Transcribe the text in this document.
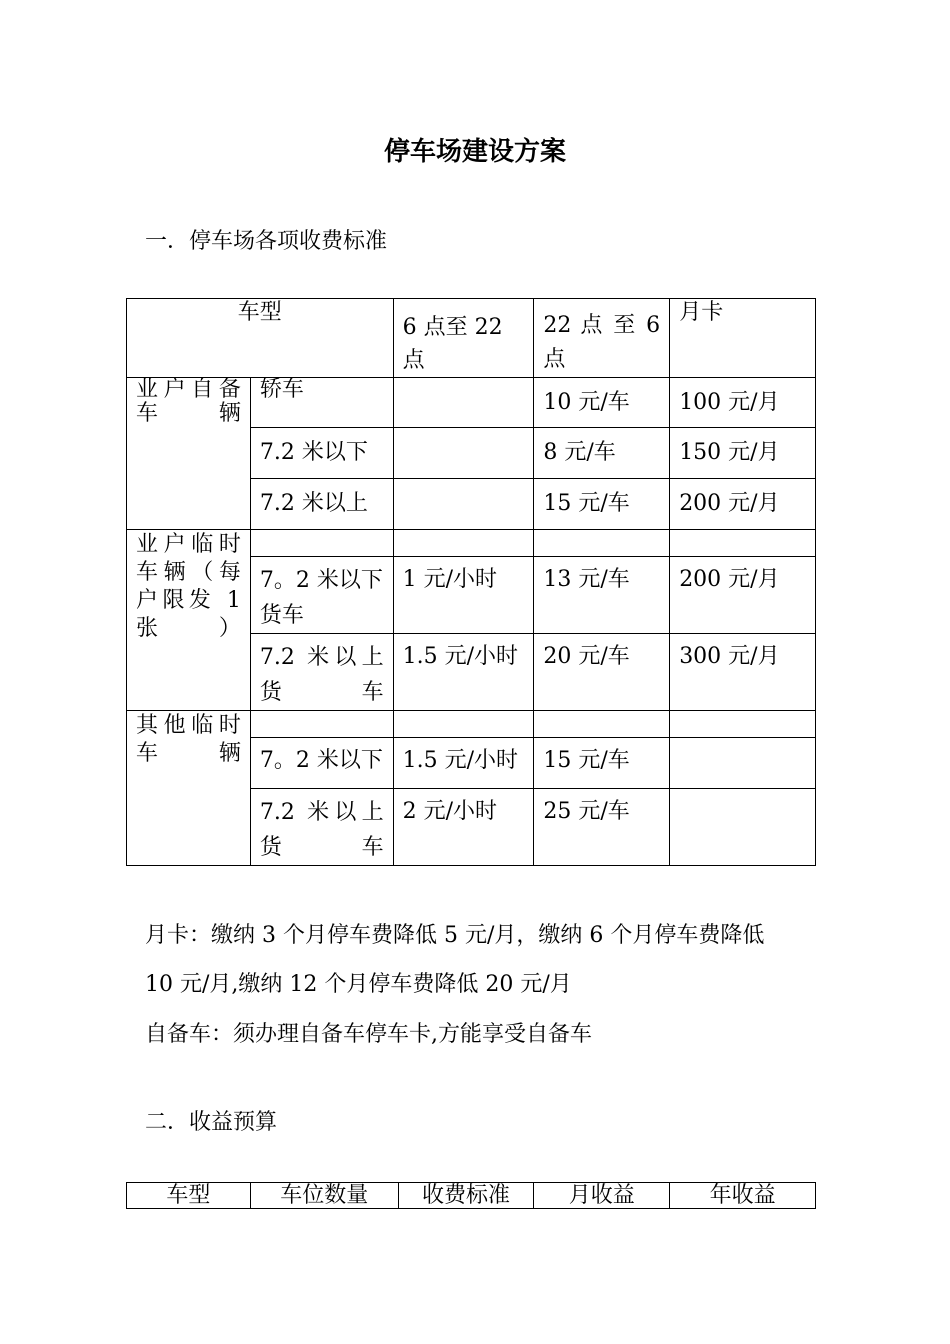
停车场建设方案
一．停车场各项收费标准
车型		6 点至 22 点	22 点 至 6 点	月卡
业户自备车辆	轿车		10 元/车	100 元/月
	7.2 米以下		8 元/车	150 元/月
	7.2 米以上		15 元/车	200 元/月
业户临时车辆（每户限发 1 张）				
	7。2 米以下货车	1 元/小时	13 元/车	200 元/月
	7.2 米以上货车	1.5 元/小时	20 元/车	300 元/月
其他临时车辆				
	7。2 米以下	1.5 元/小时	15 元/车	
	7.2 米以上货车	2 元/小时	25 元/车	
月卡：缴纳 3 个月停车费降低 5 元/月，缴纳 6 个月停车费降低
10 元/月,缴纳 12 个月停车费降低 20 元/月
自备车：须办理自备车停车卡,方能享受自备车
二．收益预算
车型	车位数量	收费标准	月收益	年收益
